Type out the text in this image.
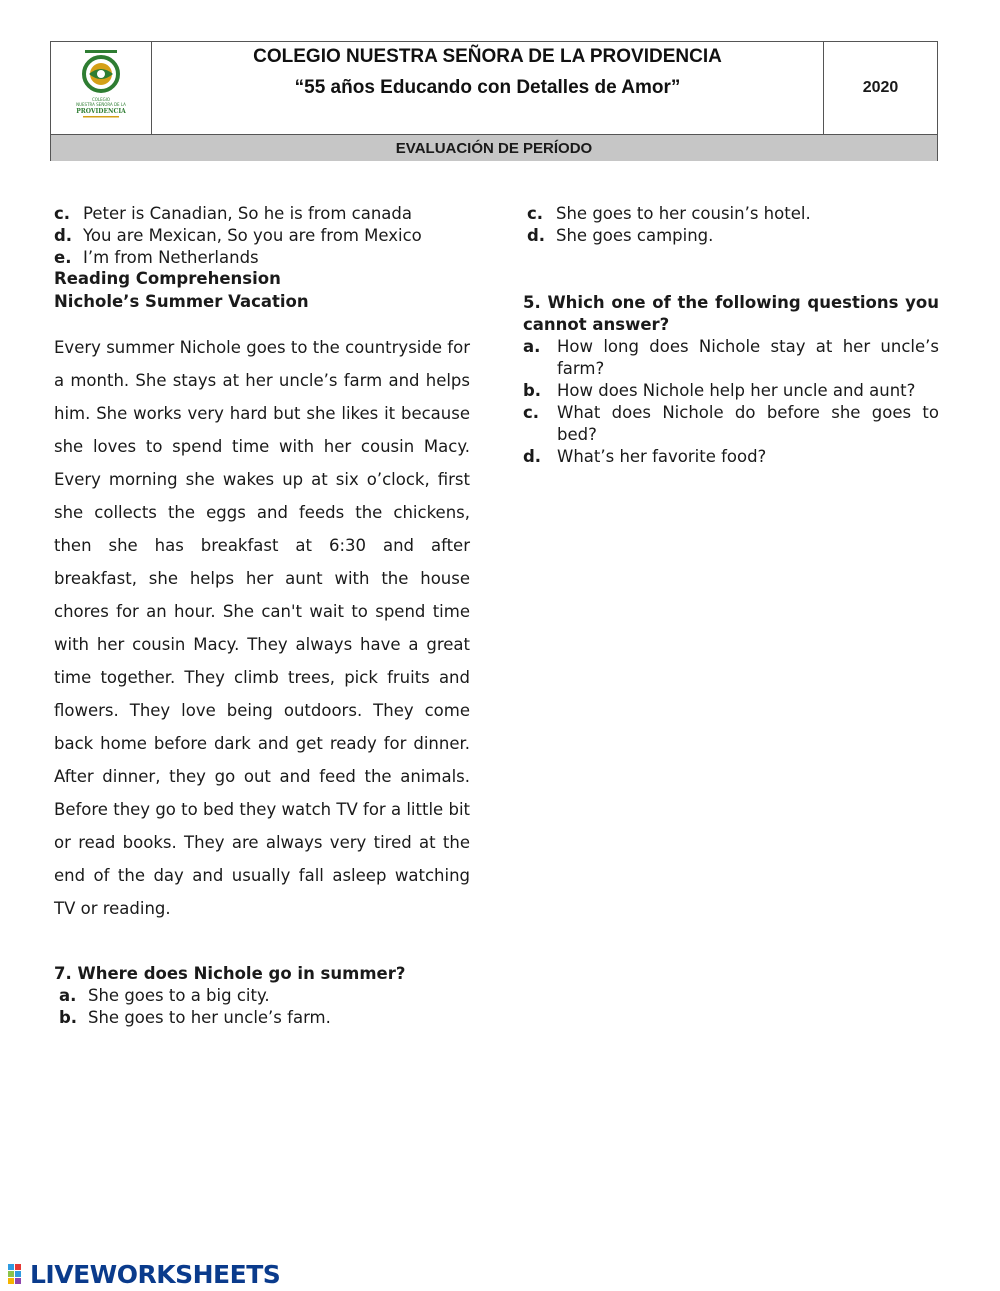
COLEGIO
NUESTRA SEÑORA DE LA
PROVIDENCIA
COLEGIO NUESTRA SEÑORA DE LA PROVIDENCIA
“55 años Educando con Detalles de Amor”	2020
EVALUACIÓN DE PERÍODO
c. Peter is Canadian, So he is from canada
d. You are Mexican, So you are from Mexico
e. I’m from Netherlands
Reading Comprehension
Nichole’s Summer Vacation
Every summer Nichole goes to the countryside for a month. She stays at her uncle’s farm and helps him. She works very hard but she likes it because she loves to spend time with her cousin Macy. Every morning she wakes up at six o’clock, first she collects the eggs and feeds the chickens, then she has breakfast at 6:30 and after breakfast, she helps her aunt with the house chores for an hour. She can't wait to spend time with her cousin Macy. They always have a great time together. They climb trees, pick fruits and flowers. They love being outdoors. They come back home before dark and get ready for dinner. After dinner, they go out and feed the animals. Before they go to bed they watch TV for a little bit or read books. They are always very tired at the end of the day and usually fall asleep watching TV or reading.
7. Where does Nichole go in summer?
a. She goes to a big city.
b. She goes to her uncle’s farm.
c. She goes to her cousin’s hotel.
d. She goes camping.
5. Which one of the following questions you cannot answer?
a.	How long does Nichole stay at her uncle’s farm?
b. How does Nichole help her uncle and aunt?
c.	What does Nichole do before she goes to bed?
d. What’s her favorite food?
LIVEWORKSHEETS
